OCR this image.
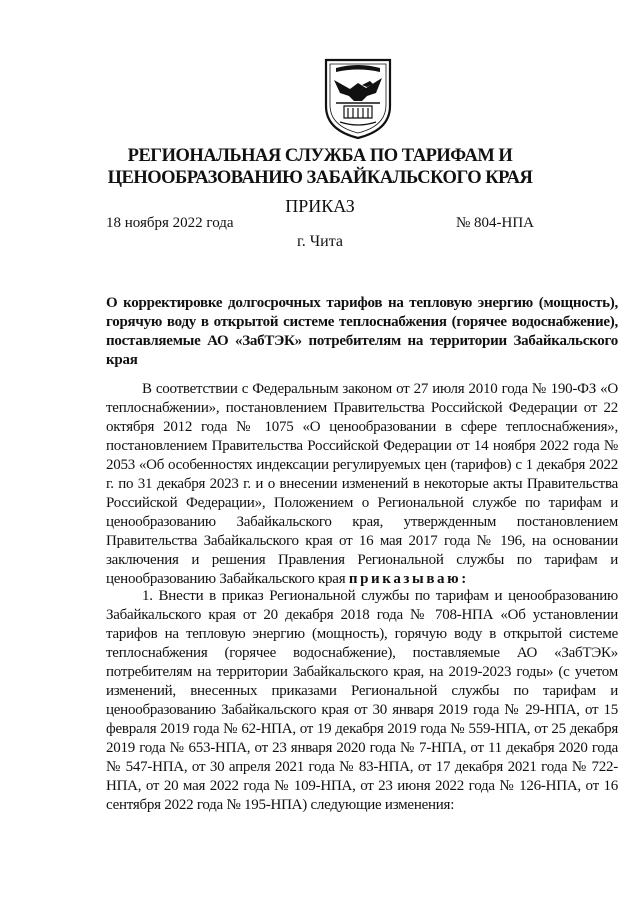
РЕГИОНАЛЬНАЯ СЛУЖБА ПО ТАРИФАМ И
ЦЕНООБРАЗОВАНИЮ ЗАБАЙКАЛЬСКОГО КРАЯ
ПРИКАЗ
18 ноября 2022 года	№ 804-НПА
г. Чита
О корректировке долгосрочных тарифов на тепловую энергию (мощность), горячую воду в открытой системе теплоснабжения (горячее водоснабжение), поставляемые АО «ЗабТЭК» потребителям на территории Забайкальского края
В соответствии с Федеральным законом от 27 июля 2010 года № 190-ФЗ «О теплоснабжении», постановлением Правительства Российской Федерации от 22 октября 2012 года № 1075 «О ценообразовании в сфере теплоснабжения», постановлением Правительства Российской Федерации от 14 ноября 2022 года № 2053 «Об особенностях индексации регулируемых цен (тарифов) с 1 декабря 2022 г. по 31 декабря 2023 г. и о внесении изменений в некоторые акты Правительства Российской Федерации», Положением о Региональной службе по тарифам и ценообразованию Забайкальского края, утвержденным постановлением Правительства Забайкальского края от 16 мая 2017 года № 196, на основании заключения и решения Правления Региональной службы по тарифам и ценообразованию Забайкальского края приказываю:
1. Внести в приказ Региональной службы по тарифам и ценообразованию Забайкальского края от 20 декабря 2018 года № 708-НПА «Об установлении тарифов на тепловую энергию (мощность), горячую воду в открытой системе теплоснабжения (горячее водоснабжение), поставляемые АО «ЗабТЭК» потребителям на территории Забайкальского края, на 2019-2023 годы» (с учетом изменений, внесенных приказами Региональной службы по тарифам и ценообразованию Забайкальского края от 30 января 2019 года № 29-НПА, от 15 февраля 2019 года № 62-НПА, от 19 декабря 2019 года № 559-НПА, от 25 декабря 2019 года № 653-НПА, от 23 января 2020 года № 7-НПА, от 11 декабря 2020 года № 547-НПА, от 30 апреля 2021 года № 83-НПА, от 17 декабря 2021 года № 722-НПА, от 20 мая 2022 года № 109-НПА, от 23 июня 2022 года № 126-НПА, от 16 сентября 2022 года № 195-НПА) следующие изменения:
